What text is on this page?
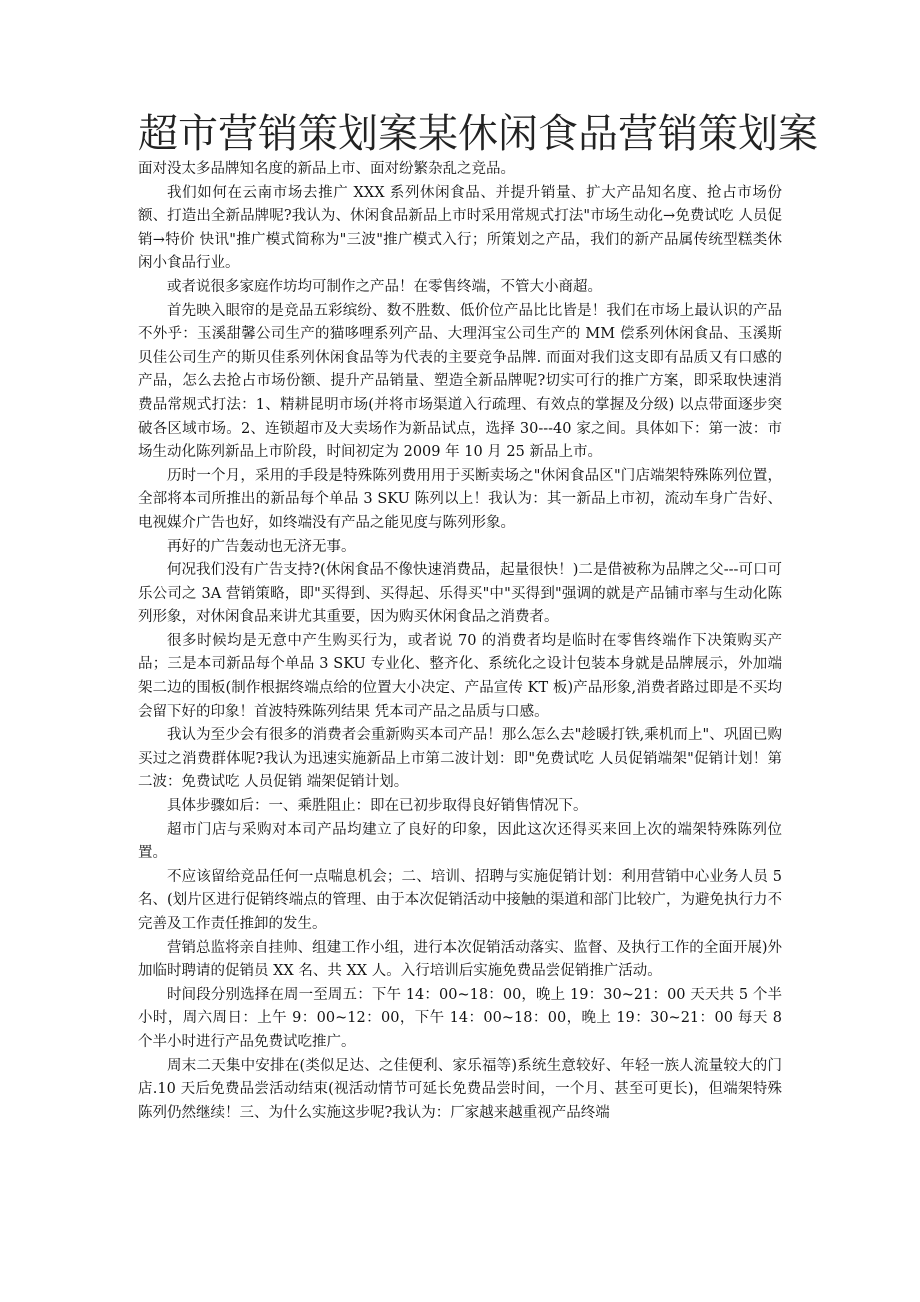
超市营销策划案某休闲食品营销策划案

面对没太多品牌知名度的新品上市、面对纷繁杂乱之竞品。

我们如何在云南市场去推广 XXX 系列休闲食品、并提升销量、扩大产品知名度、抢占市场份额、打造出全新品牌呢?我认为、休闲食品新品上市时采用常规式打法"市场生动化→免费试吃 人员促销→特价 快讯"推广模式简称为"三波"推广模式入行；所策划之产品，我们的新产品属传统型糕类休闲小食品行业。

或者说很多家庭作坊均可制作之产品！在零售终端，不管大小商超。

首先映入眼帘的是竞品五彩缤纷、数不胜数、低价位产品比比皆是！我们在市场上最认识的产品不外乎：玉溪甜馨公司生产的猫哆哩系列产品、大理洱宝公司生产的 MM 偿系列休闲食品、玉溪斯贝佳公司生产的斯贝佳系列休闲食品等为代表的主要竞争品牌. 而面对我们这支即有品质又有口感的产品，怎么去抢占市场份额、提升产品销量、塑造全新品牌呢?切实可行的推广方案，即采取快速消费品常规式打法：1、精耕昆明市场(并将市场渠道入行疏理、有效点的掌握及分级) 以点带面逐步突破各区域市场。2、连锁超市及大卖场作为新品试点，选择 30---40 家之间。具体如下：第一波：市场生动化陈列新品上市阶段，时间初定为 2009 年 10 月 25 新品上市。

历时一个月，采用的手段是特殊陈列费用用于买断卖场之"休闲食品区"门店端架特殊陈列位置，全部将本司所推出的新品每个单品 3 SKU 陈列以上！我认为：其一新品上市初，流动车身广告好、电视媒介广告也好，如终端没有产品之能见度与陈列形象。

再好的广告轰动也无济无事。

何况我们没有广告支持?(休闲食品不像快速消费品，起量很快！)二是借被称为品牌之父---可口可乐公司之 3A 营销策略，即"买得到、买得起、乐得买"中"买得到"强调的就是产品铺市率与生动化陈列形象，对休闲食品来讲尤其重要，因为购买休闲食品之消费者。

很多时候均是无意中产生购买行为，或者说 70 的消费者均是临时在零售终端作下决策购买产品；三是本司新品每个单品 3 SKU 专业化、整齐化、系统化之设计包装本身就是品牌展示，外加端架二边的围板(制作根据终端点给的位置大小决定、产品宣传 KT 板)产品形象,消费者路过即是不买均会留下好的印象！首波特殊陈列结果 凭本司产品之品质与口感。

我认为至少会有很多的消费者会重新购买本司产品！那么怎么去"趁暖打铁,乘机而上"、巩固已购买过之消费群体呢?我认为迅速实施新品上市第二波计划：即"免费试吃 人员促销端架"促销计划！第二波：免费试吃 人员促销 端架促销计划。

具体步骤如后：一、乘胜阻止：即在已初步取得良好销售情况下。

超市门店与采购对本司产品均建立了良好的印象，因此这次还得买来回上次的端架特殊陈列位置。

不应该留给竞品任何一点喘息机会；二、培训、招聘与实施促销计划：利用营销中心业务人员 5 名、(划片区进行促销终端点的管理、由于本次促销活动中接触的渠道和部门比较广，为避免执行力不完善及工作责任推卸的发生。

营销总监将亲自挂帅、组建工作小组，进行本次促销活动落实、监督、及执行工作的全面开展)外加临时聘请的促销员 XX 名、共 XX 人。入行培训后实施免费品尝促销推广活动。

时间段分别选择在周一至周五：下午 14：00~18：00，晚上 19：30~21：00 天天共 5 个半小时，周六周日：上午 9：00~12：00，下午 14：00~18：00，晚上 19：30~21：00 每天 8 个半小时进行产品免费试吃推广。

周末二天集中安排在(类似足达、之佳便利、家乐福等)系统生意较好、年轻一族人流量较大的门店.10 天后免费品尝活动结束(视活动情节可延长免费品尝时间，一个月、甚至可更长)，但端架特殊陈列仍然继续！三、为什么实施这步呢?我认为：厂家越来越重视产品终端
